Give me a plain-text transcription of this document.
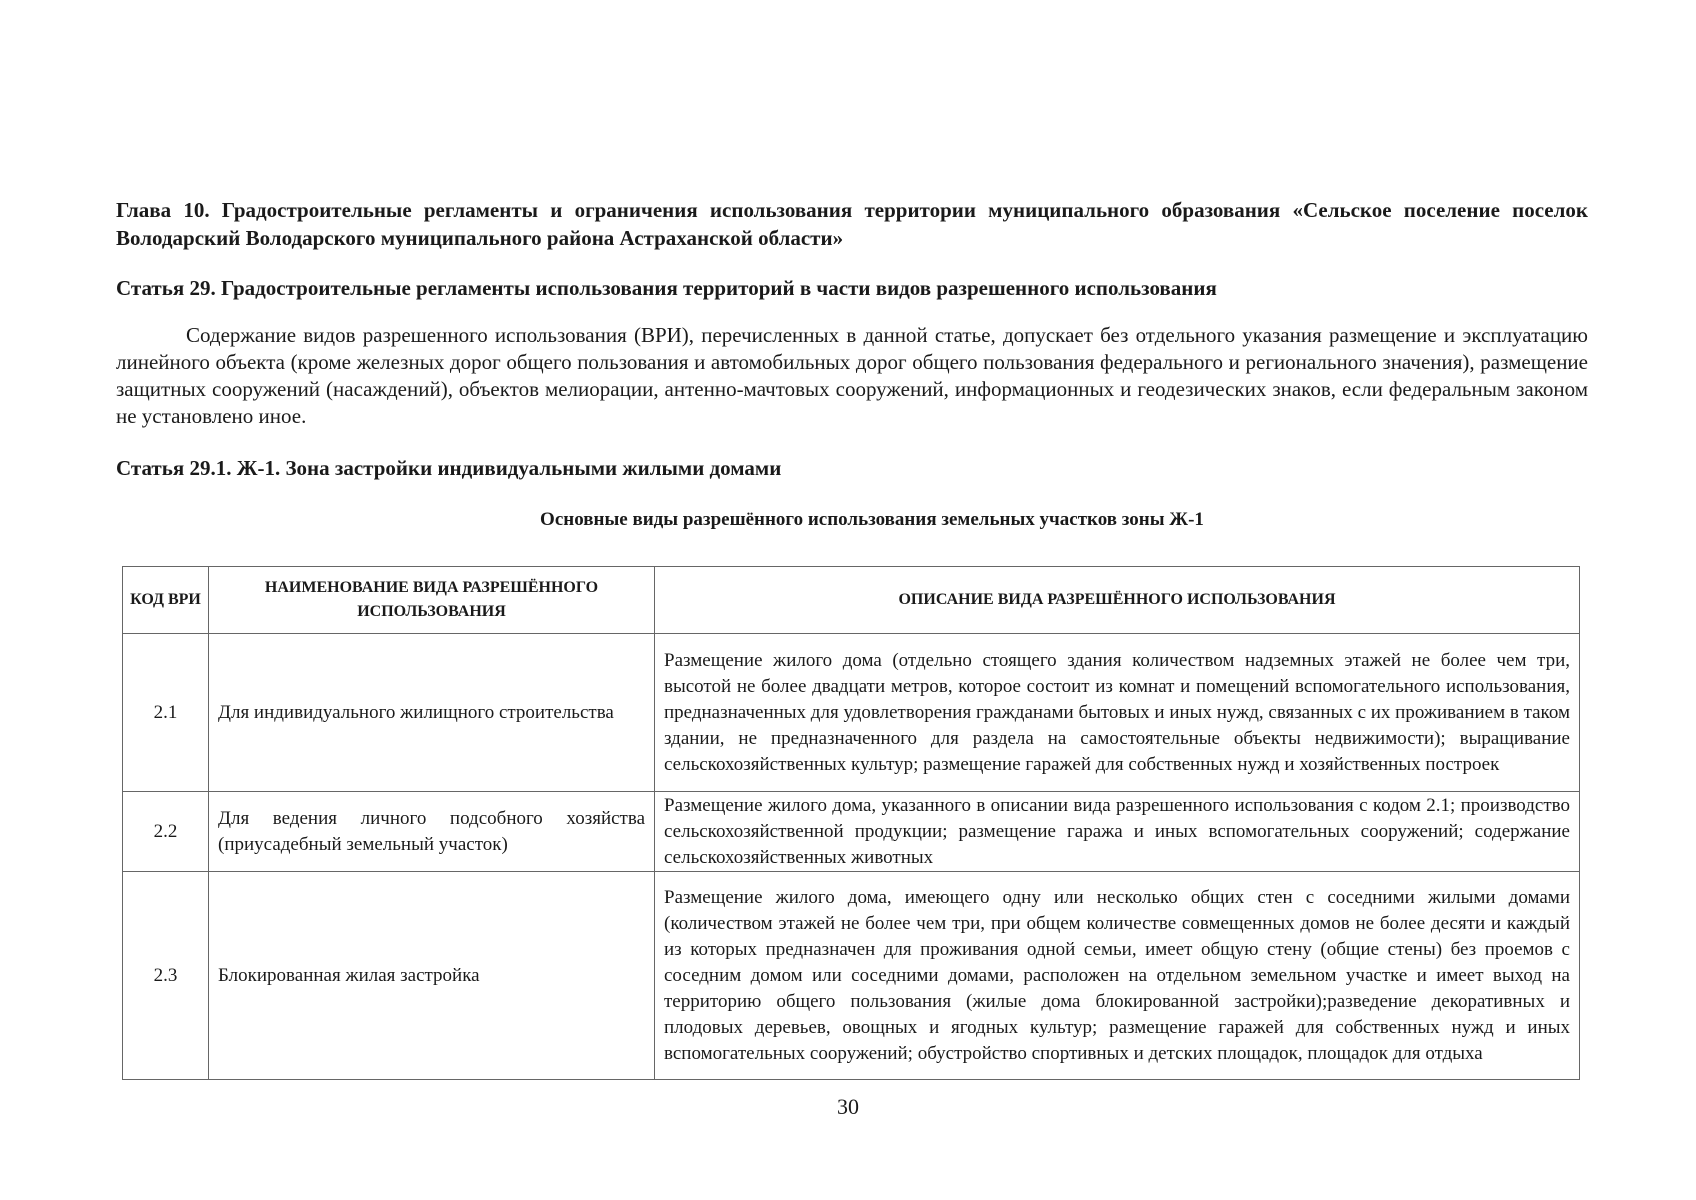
Глава 10. Градостроительные регламенты и ограничения использования территории муниципального образования «Сельское поселение поселок Володарский Володарского муниципального района Астраханской области»

Статья 29. Градостроительные регламенты использования территорий в части видов разрешенного использования

Содержание видов разрешенного использования (ВРИ), перечисленных в данной статье, допускает без отдельного указания размещение и эксплуатацию линейного объекта (кроме железных дорог общего пользования и автомобильных дорог общего пользования федерального и регионального значения), размещение защитных сооружений (насаждений), объектов мелиорации, антенно-мачтовых сооружений, информационных и геодезических знаков, если федеральным законом не установлено иное.

Статья 29.1. Ж-1. Зона застройки индивидуальными жилыми домами

Основные виды разрешённого использования земельных участков зоны Ж-1

КОД ВРИ	НАИМЕНОВАНИЕ ВИДА РАЗРЕШЁННОГО ИСПОЛЬЗОВАНИЯ	ОПИСАНИЕ ВИДА РАЗРЕШЁННОГО ИСПОЛЬЗОВАНИЯ
2.1	Для индивидуального жилищного строительства	Размещение жилого дома (отдельно стоящего здания количеством надземных этажей не более чем три, высотой не более двадцати метров, которое состоит из комнат и помещений вспомогательного использования, предназначенных для удовлетворения гражданами бытовых и иных нужд, связанных с их проживанием в таком здании, не предназначенного для раздела на самостоятельные объекты недвижимости); выращивание сельскохозяйственных культур; размещение гаражей для собственных нужд и хозяйственных построек
2.2	Для ведения личного подсобного хозяйства (приусадебный земельный участок)	Размещение жилого дома, указанного в описании вида разрешенного использования с кодом 2.1; производство сельскохозяйственной продукции; размещение гаража и иных вспомогательных сооружений; содержание сельскохозяйственных животных
2.3	Блокированная жилая застройка	Размещение жилого дома, имеющего одну или несколько общих стен с соседними жилыми домами (количеством этажей не более чем три, при общем количестве совмещенных домов не более десяти и каждый из которых предназначен для проживания одной семьи, имеет общую стену (общие стены) без проемов с соседним домом или соседними домами, расположен на отдельном земельном участке и имеет выход на территорию общего пользования (жилые дома блокированной застройки);разведение декоративных и плодовых деревьев, овощных и ягодных культур; размещение гаражей для собственных нужд и иных вспомогательных сооружений; обустройство спортивных и детских площадок, площадок для отдыха
30
